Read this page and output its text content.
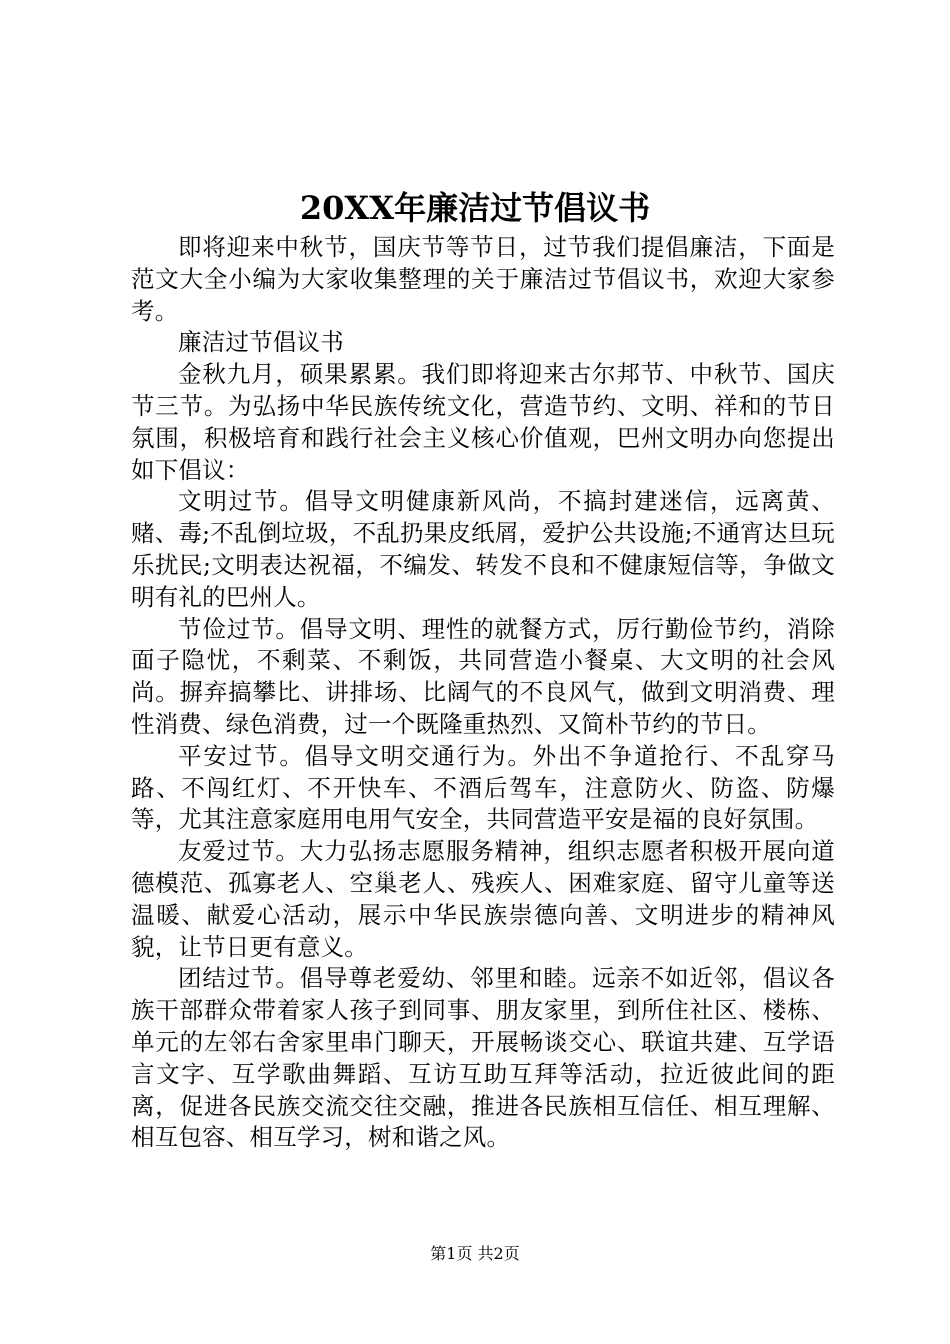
20XX年廉洁过节倡议书

即将迎来中秋节，国庆节等节日，过节我们提倡廉洁，下面是范文大全小编为大家收集整理的关于廉洁过节倡议书，欢迎大家参考。

廉洁过节倡议书

金秋九月，硕果累累。我们即将迎来古尔邦节、中秋节、国庆节三节。为弘扬中华民族传统文化，营造节约、文明、祥和的节日氛围，积极培育和践行社会主义核心价值观，巴州文明办向您提出如下倡议：

文明过节。倡导文明健康新风尚，不搞封建迷信，远离黄、赌、毒;不乱倒垃圾，不乱扔果皮纸屑，爱护公共设施;不通宵达旦玩乐扰民;文明表达祝福，不编发、转发不良和不健康短信等，争做文明有礼的巴州人。

节俭过节。倡导文明、理性的就餐方式，厉行勤俭节约，消除面子隐忧，不剩菜、不剩饭，共同营造小餐桌、大文明的社会风尚。摒弃搞攀比、讲排场、比阔气的不良风气，做到文明消费、理性消费、绿色消费，过一个既隆重热烈、又简朴节约的节日。

平安过节。倡导文明交通行为。外出不争道抢行、不乱穿马路、不闯红灯、不开快车、不酒后驾车，注意防火、防盗、防爆等，尤其注意家庭用电用气安全，共同营造平安是福的良好氛围。

友爱过节。大力弘扬志愿服务精神，组织志愿者积极开展向道德模范、孤寡老人、空巢老人、残疾人、困难家庭、留守儿童等送温暖、献爱心活动，展示中华民族崇德向善、文明进步的精神风貌，让节日更有意义。

团结过节。倡导尊老爱幼、邻里和睦。远亲不如近邻，倡议各族干部群众带着家人孩子到同事、朋友家里，到所住社区、楼栋、单元的左邻右舍家里串门聊天，开展畅谈交心、联谊共建、互学语言文字、互学歌曲舞蹈、互访互助互拜等活动，拉近彼此间的距离，促进各民族交流交往交融，推进各民族相互信任、相互理解、相互包容、相互学习，树和谐之风。

第1页 共2页
